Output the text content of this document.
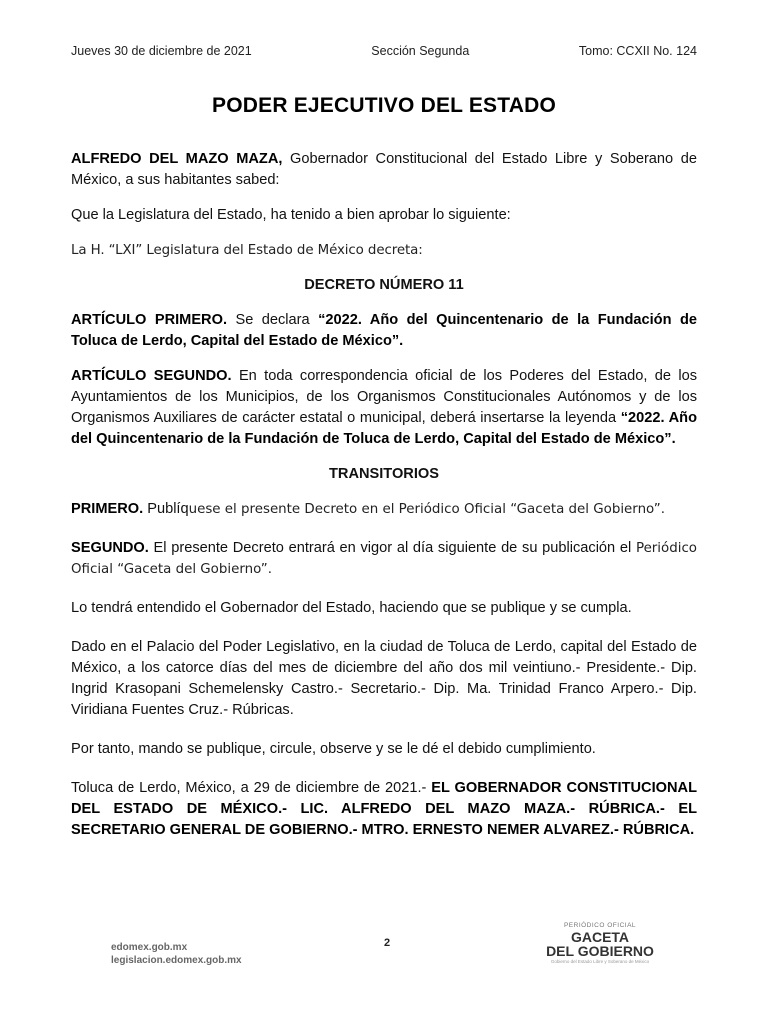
Jueves 30 de diciembre de 2021	Sección Segunda	Tomo: CCXII No. 124
PODER EJECUTIVO DEL ESTADO

ALFREDO DEL MAZO MAZA, Gobernador Constitucional del Estado Libre y Soberano de México, a sus habitantes sabed:

Que la Legislatura del Estado, ha tenido a bien aprobar lo siguiente:

La H. “LXI” Legislatura del Estado de México decreta:

DECRETO NÚMERO 11

ARTÍCULO PRIMERO. Se declara “2022. Año del Quincentenario de la Fundación de Toluca de Lerdo, Capital del Estado de México”.

ARTÍCULO SEGUNDO. En toda correspondencia oficial de los Poderes del Estado, de los Ayuntamientos de los Municipios, de los Organismos Constitucionales Autónomos y de los Organismos Auxiliares de carácter estatal o municipal, deberá insertarse la leyenda “2022. Año del Quincentenario de la Fundación de Toluca de Lerdo, Capital del Estado de México”.

TRANSITORIOS

PRIMERO. Publíquese el presente Decreto en el Periódico Oficial “Gaceta del Gobierno”.

SEGUNDO. El presente Decreto entrará en vigor al día siguiente de su publicación el Periódico Oficial “Gaceta del Gobierno”.

Lo tendrá entendido el Gobernador del Estado, haciendo que se publique y se cumpla.

Dado en el Palacio del Poder Legislativo, en la ciudad de Toluca de Lerdo, capital del Estado de México, a los catorce días del mes de diciembre del año dos mil veintiuno.- Presidente.- Dip. Ingrid Krasopani Schemelensky Castro.- Secretario.- Dip. Ma. Trinidad Franco Arpero.- Dip. Viridiana Fuentes Cruz.- Rúbricas.

Por tanto, mando se publique, circule, observe y se le dé el debido cumplimiento.

Toluca de Lerdo, México, a 29 de diciembre de 2021.- EL GOBERNADOR CONSTITUCIONAL DEL ESTADO DE MÉXICO.- LIC. ALFREDO DEL MAZO MAZA.- RÚBRICA.- EL SECRETARIO GENERAL DE GOBIERNO.- MTRO. ERNESTO NEMER ALVAREZ.- RÚBRICA.

edomex.gob.mx
legislacion.edomex.gob.mx
2
PERIÓDICO OFICIAL
GACETA
DEL GOBIERNO
Gobierno del Estado Libre y Soberano de México
